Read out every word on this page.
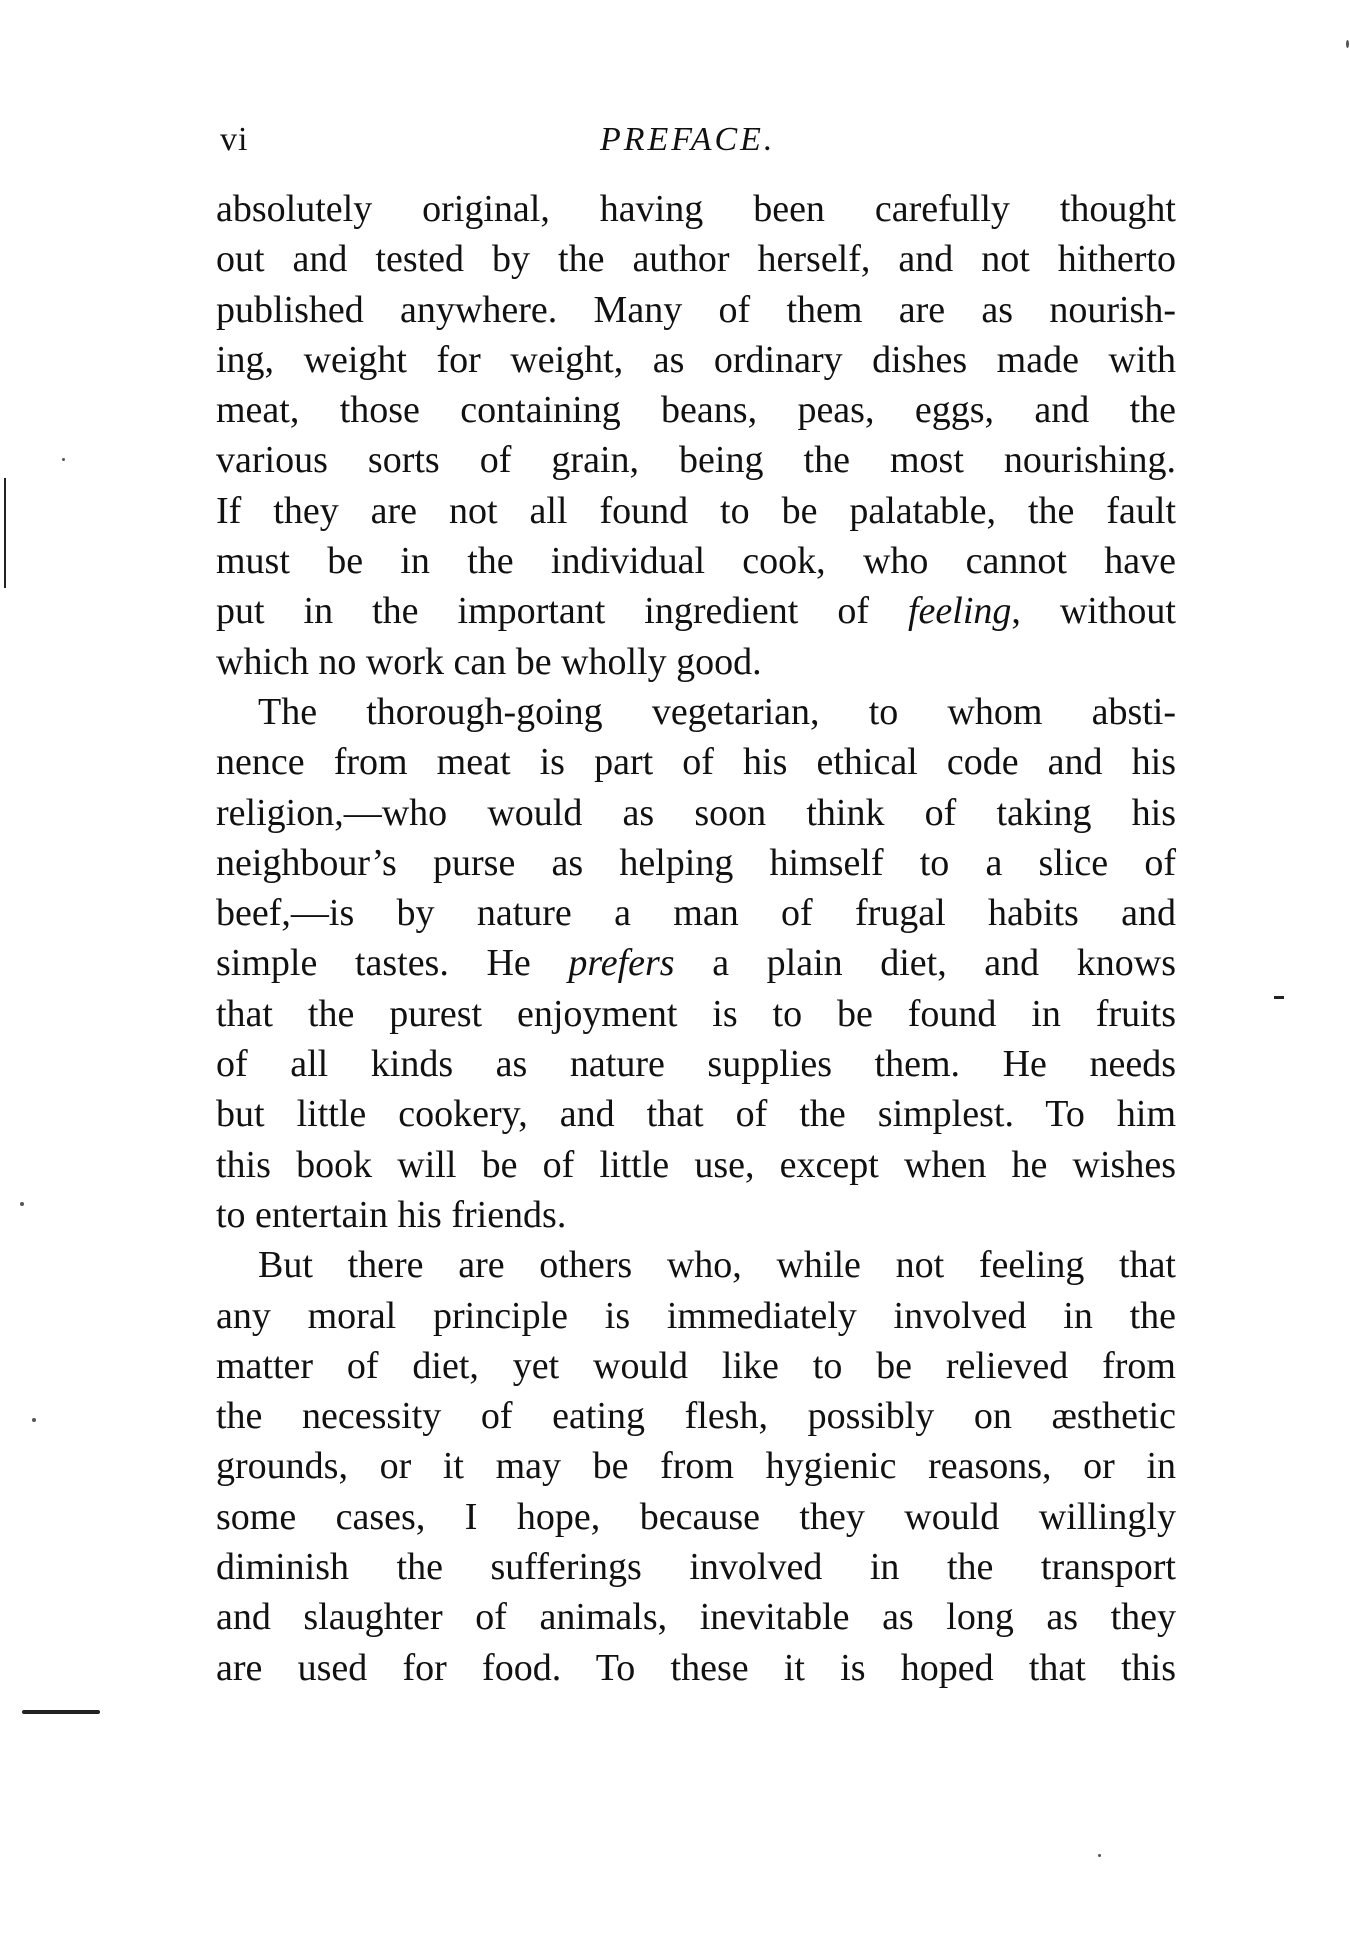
vi	PREFACE.
absolutely original, having been carefully thought
out and tested by the author herself, and not hitherto
published anywhere. Many of them are as nourish-
ing, weight for weight, as ordinary dishes made with
meat, those containing beans, peas, eggs, and the
various sorts of grain, being the most nourishing.
If they are not all found to be palatable, the fault
must be in the individual cook, who cannot have
put in the important ingredient of feeling, without
which no work can be wholly good.
The thorough-going vegetarian, to whom absti-
nence from meat is part of his ethical code and his
religion,—who would as soon think of taking his
neighbour’s purse as helping himself to a slice of
beef,—is by nature a man of frugal habits and
simple tastes. He prefers a plain diet, and knows
that the purest enjoyment is to be found in fruits
of all kinds as nature supplies them. He needs
but little cookery, and that of the simplest. To him
this book will be of little use, except when he wishes
to entertain his friends.
But there are others who, while not feeling that
any moral principle is immediately involved in the
matter of diet, yet would like to be relieved from
the necessity of eating flesh, possibly on æsthetic
grounds, or it may be from hygienic reasons, or in
some cases, I hope, because they would willingly
diminish the sufferings involved in the transport
and slaughter of animals, inevitable as long as they
are used for food. To these it is hoped that this
